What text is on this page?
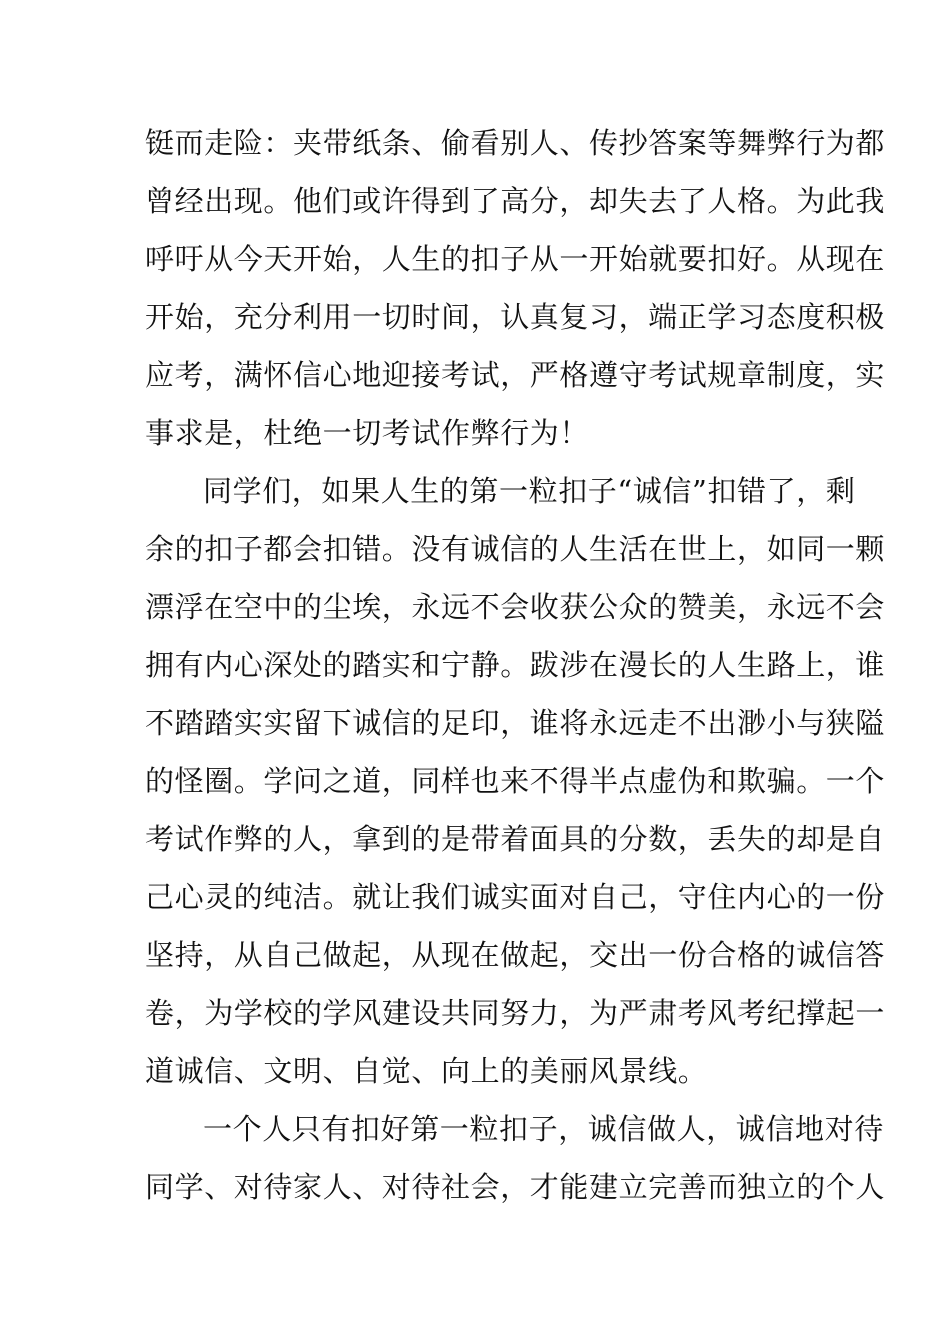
铤而走险：夹带纸条、偷看别人、传抄答案等舞弊行为都
曾经出现。他们或许得到了高分，却失去了人格。为此我
呼吁从今天开始，人生的扣子从一开始就要扣好。从现在
开始，充分利用一切时间，认真复习，端正学习态度积极
应考，满怀信心地迎接考试，严格遵守考试规章制度，实
事求是，杜绝一切考试作弊行为！
同学们，如果人生的第一粒扣子“诚信”扣错了，剩
余的扣子都会扣错。没有诚信的人生活在世上，如同一颗
漂浮在空中的尘埃，永远不会收获公众的赞美，永远不会
拥有内心深处的踏实和宁静。跋涉在漫长的人生路上，谁
不踏踏实实留下诚信的足印，谁将永远走不出渺小与狭隘
的怪圈。学问之道，同样也来不得半点虚伪和欺骗。一个
考试作弊的人，拿到的是带着面具的分数，丢失的却是自
己心灵的纯洁。就让我们诚实面对自己，守住内心的一份
坚持，从自己做起，从现在做起，交出一份合格的诚信答
卷，为学校的学风建设共同努力，为严肃考风考纪撑起一
道诚信、文明、自觉、向上的美丽风景线。
一个人只有扣好第一粒扣子，诚信做人，诚信地对待
同学、对待家人、对待社会，才能建立完善而独立的个人
